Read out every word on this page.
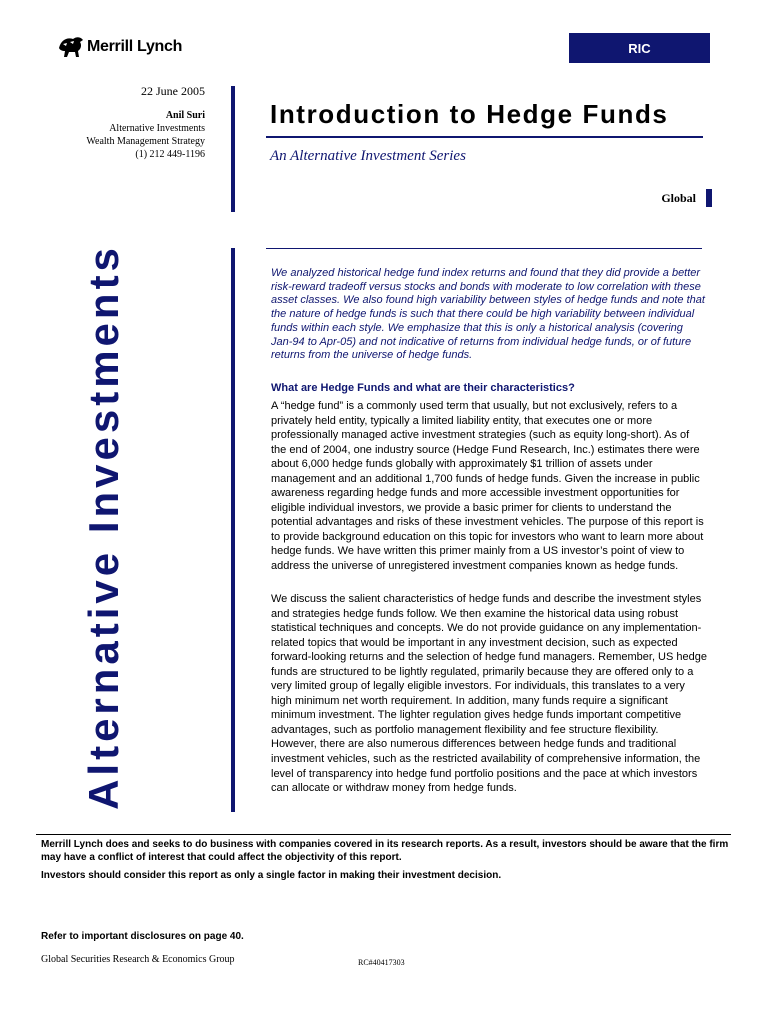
Merrill Lynch	RIC
22 June 2005
Anil Suri
Alternative Investments
Wealth Management Strategy
(1) 212 449-1196
Introduction to Hedge Funds
An Alternative Investment Series
Global
Alternative Investments	We analyzed historical hedge fund index returns and found that they did provide a better risk-reward tradeoff versus stocks and bonds with moderate to low correlation with these asset classes. We also found high variability between styles of hedge funds and note that the nature of hedge funds is such that there could be high variability between individual funds within each style. We emphasize that this is only a historical analysis (covering Jan-94 to Apr-05) and not indicative of returns from individual hedge funds, or of future returns from the universe of hedge funds.
What are Hedge Funds and what are their characteristics?
A “hedge fund” is a commonly used term that usually, but not exclusively, refers to a privately held entity, typically a limited liability entity, that executes one or more professionally managed active investment strategies (such as equity long-short). As of the end of 2004, one industry source (Hedge Fund Research, Inc.) estimates there were about 6,000 hedge funds globally with approximately $1 trillion of assets under management and an additional 1,700 funds of hedge funds. Given the increase in public awareness regarding hedge funds and more accessible investment opportunities for eligible individual investors, we provide a basic primer for clients to understand the potential advantages and risks of these investment vehicles. The purpose of this report is to provide background education on this topic for investors who want to learn more about hedge funds. We have written this primer mainly from a US investor’s point of view to address the universe of unregistered investment companies known as hedge funds.
We discuss the salient characteristics of hedge funds and describe the investment styles and strategies hedge funds follow. We then examine the historical data using robust statistical techniques and concepts. We do not provide guidance on any implementation-related topics that would be important in any investment decision, such as expected forward-looking returns and the selection of hedge fund managers. Remember, US hedge funds are structured to be lightly regulated, primarily because they are offered only to a very limited group of legally eligible investors. For individuals, this translates to a very high minimum net worth requirement. In addition, many funds require a significant minimum investment. The lighter regulation gives hedge funds important competitive advantages, such as portfolio management flexibility and fee structure flexibility. However, there are also numerous differences between hedge funds and traditional investment vehicles, such as the restricted availability of comprehensive information, the level of transparency into hedge fund portfolio positions and the pace at which investors can allocate or withdraw money from hedge funds.
Merrill Lynch does and seeks to do business with companies covered in its research reports. As a result, investors should be aware that the firm may have a conflict of interest that could affect the objectivity of this report.
Investors should consider this report as only a single factor in making their investment decision.
Refer to important disclosures on page 40.
Global Securities Research & Economics Group	RC#40417303
